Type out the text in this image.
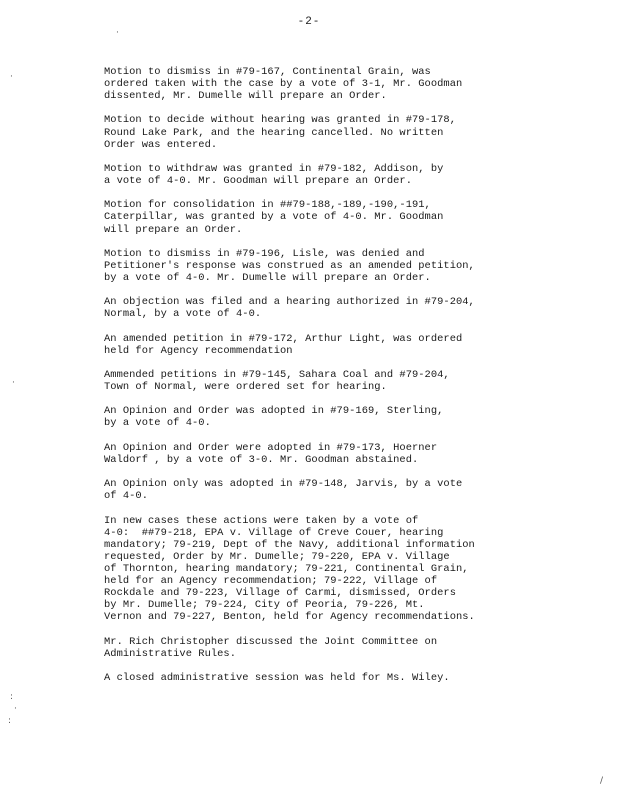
-2-

Motion to dismiss in #79-167, Continental Grain, was
ordered taken with the case by a vote of 3-1, Mr. Goodman
dissented, Mr. Dumelle will prepare an Order.

Motion to decide without hearing was granted in #79-178,
Round Lake Park, and the hearing cancelled. No written
Order was entered.

Motion to withdraw was granted in #79-182, Addison, by
a vote of 4-0. Mr. Goodman will prepare an Order.

Motion for consolidation in ##79-188,-189,-190,-191,
Caterpillar, was granted by a vote of 4-0. Mr. Goodman
will prepare an Order.

Motion to dismiss in #79-196, Lisle, was denied and
Petitioner's response was construed as an amended petition,
by a vote of 4-0. Mr. Dumelle will prepare an Order.

An objection was filed and a hearing authorized in #79-204,
Normal, by a vote of 4-0.

An amended petition in #79-172, Arthur Light, was ordered
held for Agency recommendation

Ammended petitions in #79-145, Sahara Coal and #79-204,
Town of Normal, were ordered set for hearing.

An Opinion and Order was adopted in #79-169, Sterling,
by a vote of 4-0.

An Opinion and Order were adopted in #79-173, Hoerner
Waldorf , by a vote of 3-0. Mr. Goodman abstained.

An Opinion only was adopted in #79-148, Jarvis, by a vote
of 4-0.

In new cases these actions were taken by a vote of
4-0:  ##79-218, EPA v. Village of Creve Couer, hearing
mandatory; 79-219, Dept of the Navy, additional information
requested, Order by Mr. Dumelle; 79-220, EPA v. Village
of Thornton, hearing mandatory; 79-221, Continental Grain,
held for an Agency recommendation; 79-222, Village of
Rockdale and 79-223, Village of Carmi, dismissed, Orders
by Mr. Dumelle; 79-224, City of Peoria, 79-226, Mt.
Vernon and 79-227, Benton, held for Agency recommendations.

Mr. Rich Christopher discussed the Joint Committee on
Administrative Rules.

A closed administrative session was held for Ms. Wiley.

·
·
·
:
·
:
/
